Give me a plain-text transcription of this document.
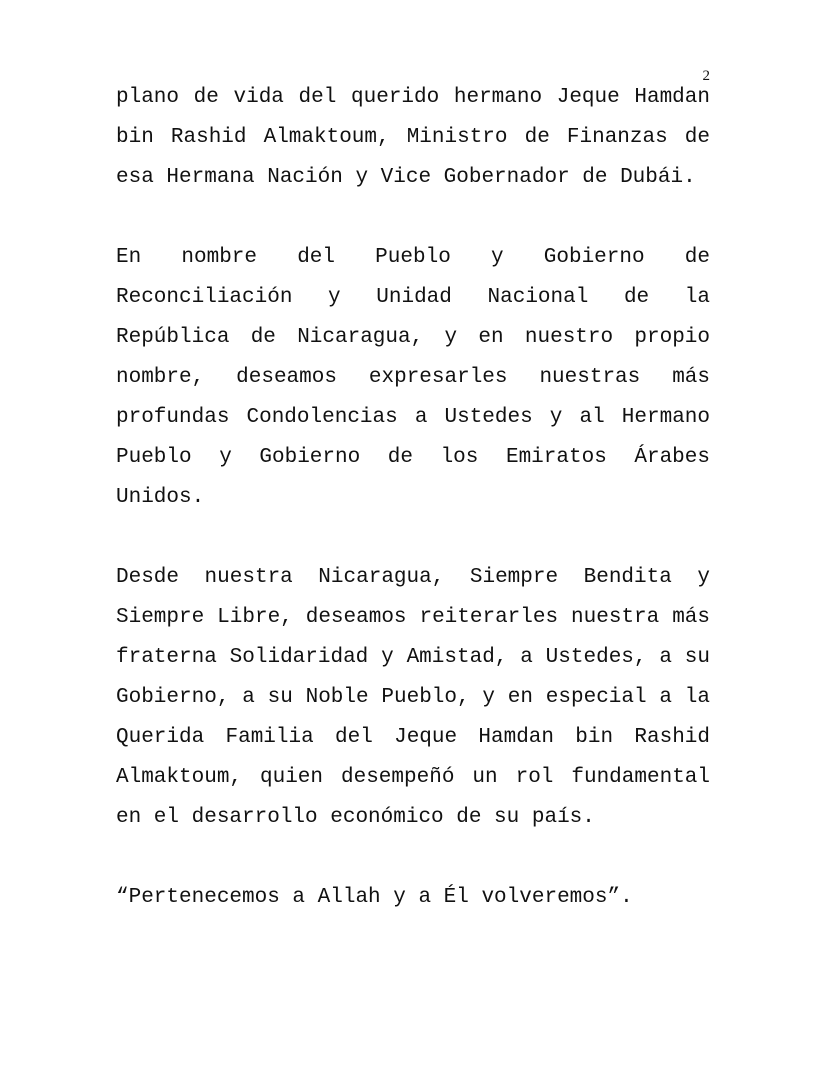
2

plano de vida del querido hermano Jeque Hamdan bin Rashid Almaktoum, Ministro de Finanzas de esa Hermana Nación y Vice Gobernador de Dubái.

En nombre del Pueblo y Gobierno de Reconciliación y Unidad Nacional de la República de Nicaragua, y en nuestro propio nombre, deseamos expresarles nuestras más profundas Condolencias a Ustedes y al Hermano Pueblo y Gobierno de los Emiratos Árabes Unidos.

Desde nuestra Nicaragua, Siempre Bendita y Siempre Libre, deseamos reiterarles nuestra más fraterna Solidaridad y Amistad, a Ustedes, a su Gobierno, a su Noble Pueblo, y en especial a la Querida Familia del Jeque Hamdan bin Rashid Almaktoum, quien desempeñó un rol fundamental en el desarrollo económico de su país.

“Pertenecemos a Allah y a Él volveremos”.
